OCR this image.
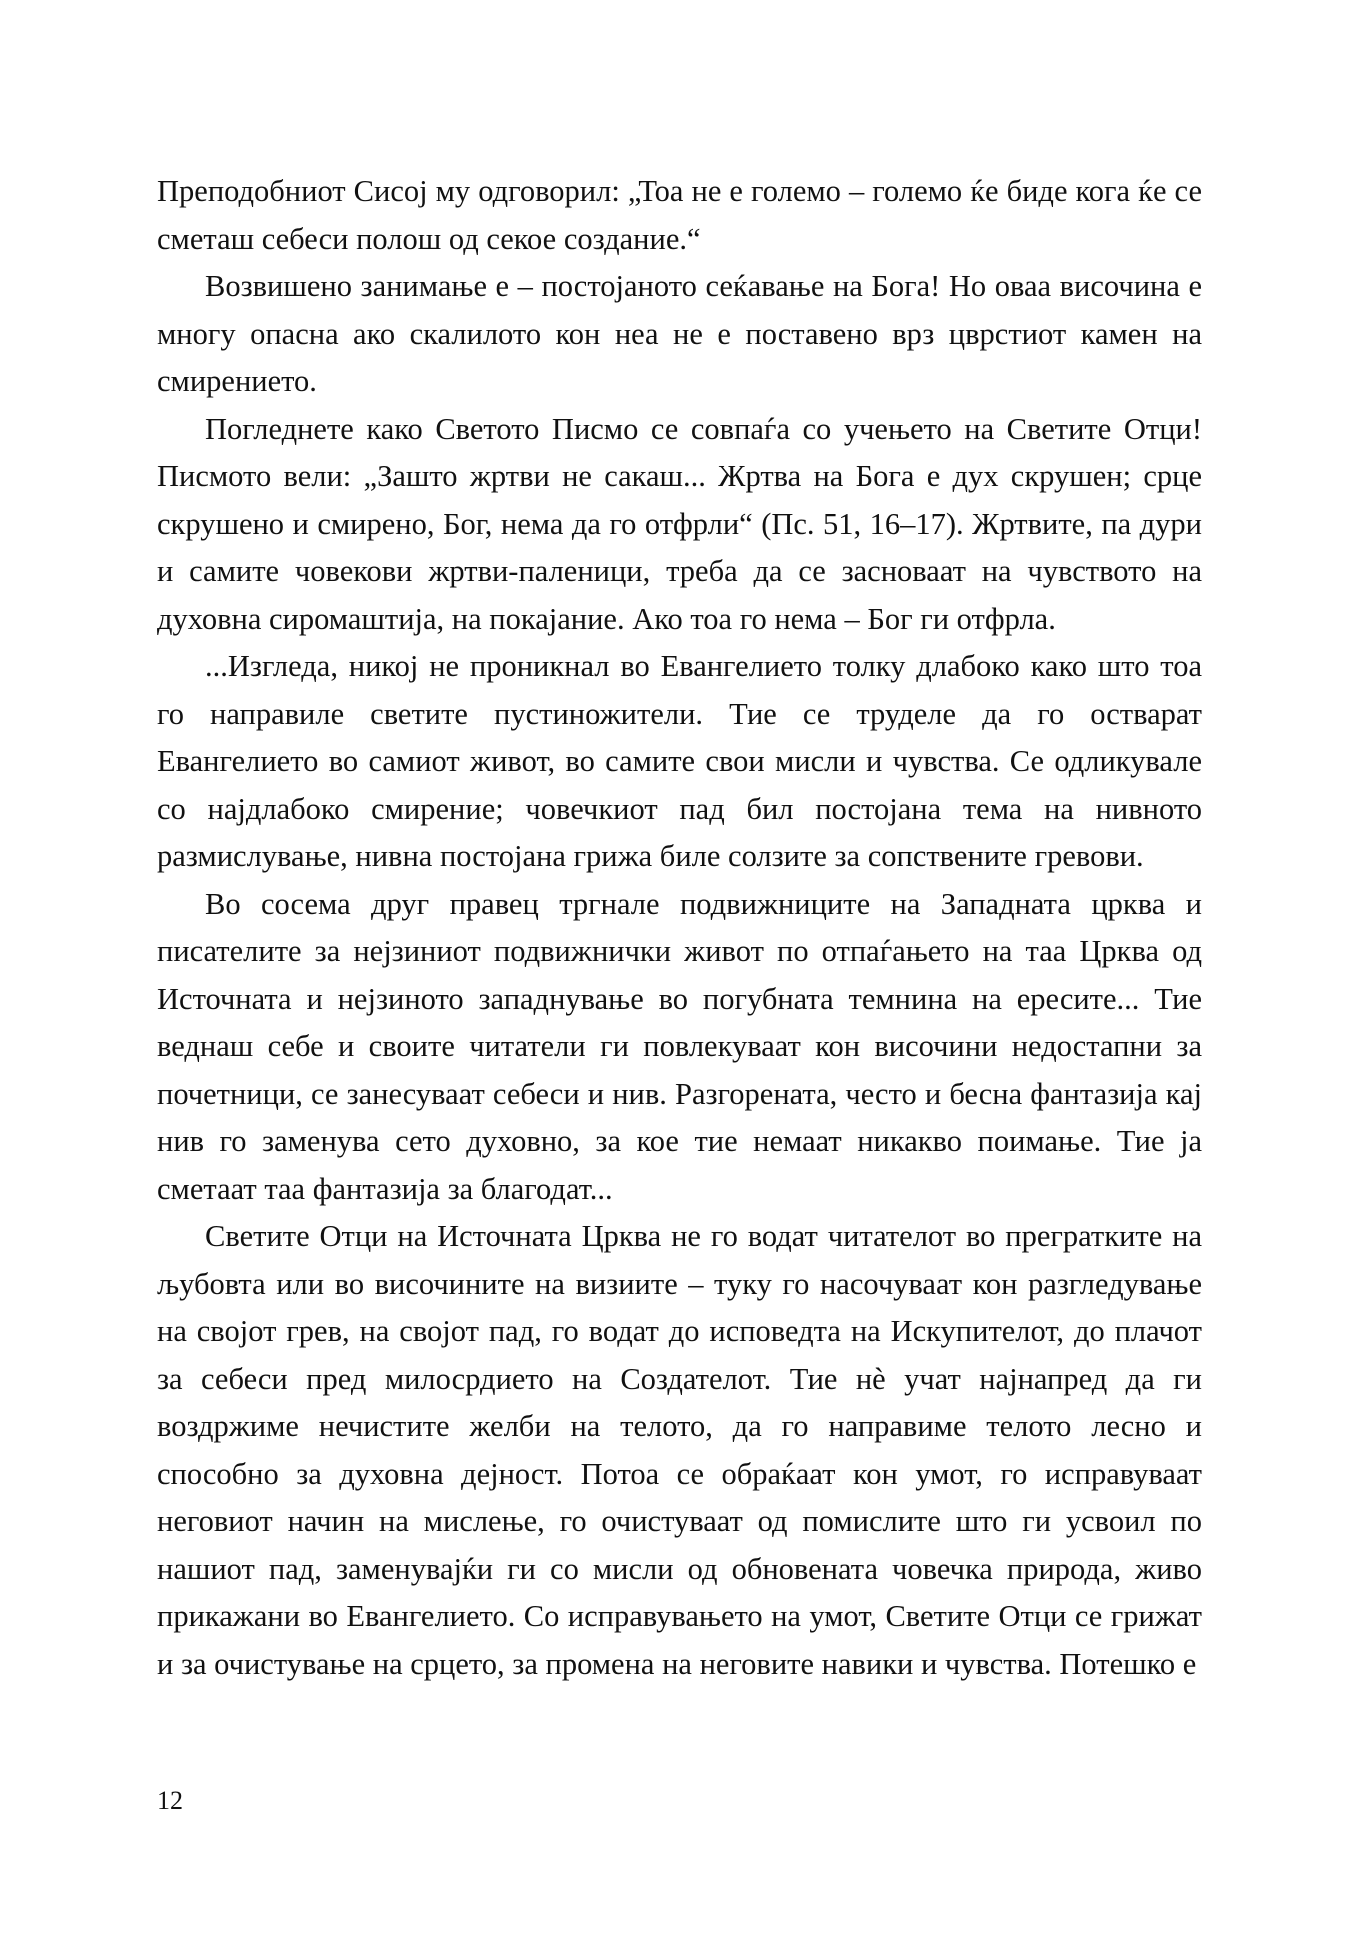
Преподобниот Сисој му одговорил: „Тоа не е големо – големо ќе биде кога ќе се сметаш себеси полош од секое создание.“

Возвишено занимање е – постојаното сеќавање на Бога! Но оваа височина е многу опасна ако скалилото кон неа не е поставено врз цврстиот камен на смирението.

Погледнете како Светото Писмо се совпаѓа со учењето на Светите Отци! Писмото вели: „Зашто жртви не сакаш... Жртва на Бога е дух скрушен; срце скрушено и смирено, Бог, нема да го отфрли“ (Пс. 51, 16–17). Жртвите, па дури и самите човекови жртви-паленици, треба да се засноваат на чувството на духовна сиромаштија, на покајание. Ако тоа го нема – Бог ги отфрла.

...Изгледа, никој не проникнал во Евангелието толку длабоко како што тоа го направиле светите пустиножители. Тие се труделе да го остварат Евангелието во самиот живот, во самите свои мисли и чувства. Се одликувале со најдлабоко смирение; човечкиот пад бил постојана тема на нивното размислување, нивна постојана грижа биле солзите за сопствените гревови.

Во сосема друг правец тргнале подвижниците на Западната црква и писателите за нејзиниот подвижнички живот по отпаѓањето на таа Црква од Источната и нејзиното западнување во погубната темнина на ересите... Тие веднаш себе и своите читатели ги повлекуваат кон височини недостапни за почетници, се занесуваат себеси и нив. Разгорената, често и бесна фантазија кај нив го заменува сето духовно, за кое тие немаат никакво поимање. Тие ја сметаат таа фантазија за благодат...

Светите Отци на Источната Црква не го водат читателот во прегратките на љубовта или во височините на визиите – туку го насочуваат кон разгледување на својот грев, на својот пад, го водат до исповедта на Искупителот, до плачот за себеси пред милосрдието на Создателот. Тие нè учат најнапред да ги воздржиме нечистите желби на телото, да го направиме телото лесно и способно за духовна дејност. Потоа се обраќаат кон умот, го исправуваат неговиот начин на мислење, го очистуваат од помислите што ги усвоил по нашиот пад, заменувајќи ги со мисли од обновената човечка природа, живо прикажани во Евангелието. Со исправувањето на умот, Светите Отци се грижат и за очистување на срцето, за промена на неговите навики и чувства. Потешко е

12
